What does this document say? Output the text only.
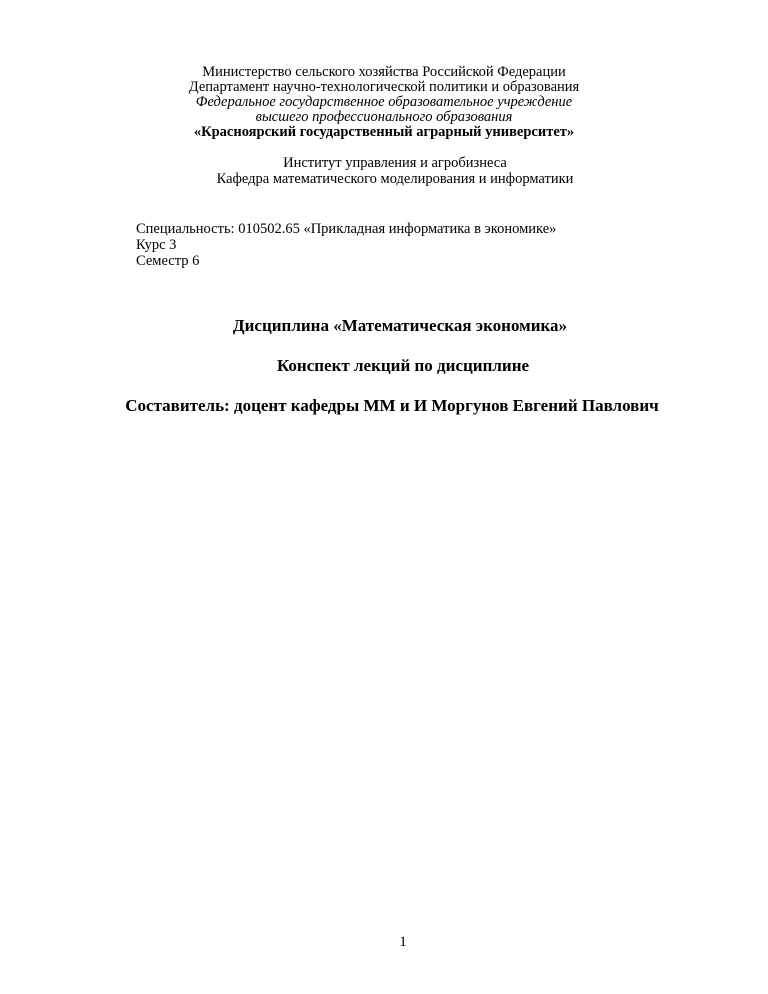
Министерство сельского хозяйства Российской Федерации
Департамент научно-технологической политики и образования
Федеральное государственное образовательное учреждение
высшего профессионального образования
«Красноярский государственный аграрный университет»
Институт управления и агробизнеса
Кафедра математического моделирования и информатики
Специальность: 010502.65 «Прикладная информатика в экономике»
Курс 3
Семестр 6
Дисциплина «Математическая экономика»
Конспект лекций по дисциплине
Составитель: доцент кафедры ММ и И Моргунов Евгений Павлович
1
